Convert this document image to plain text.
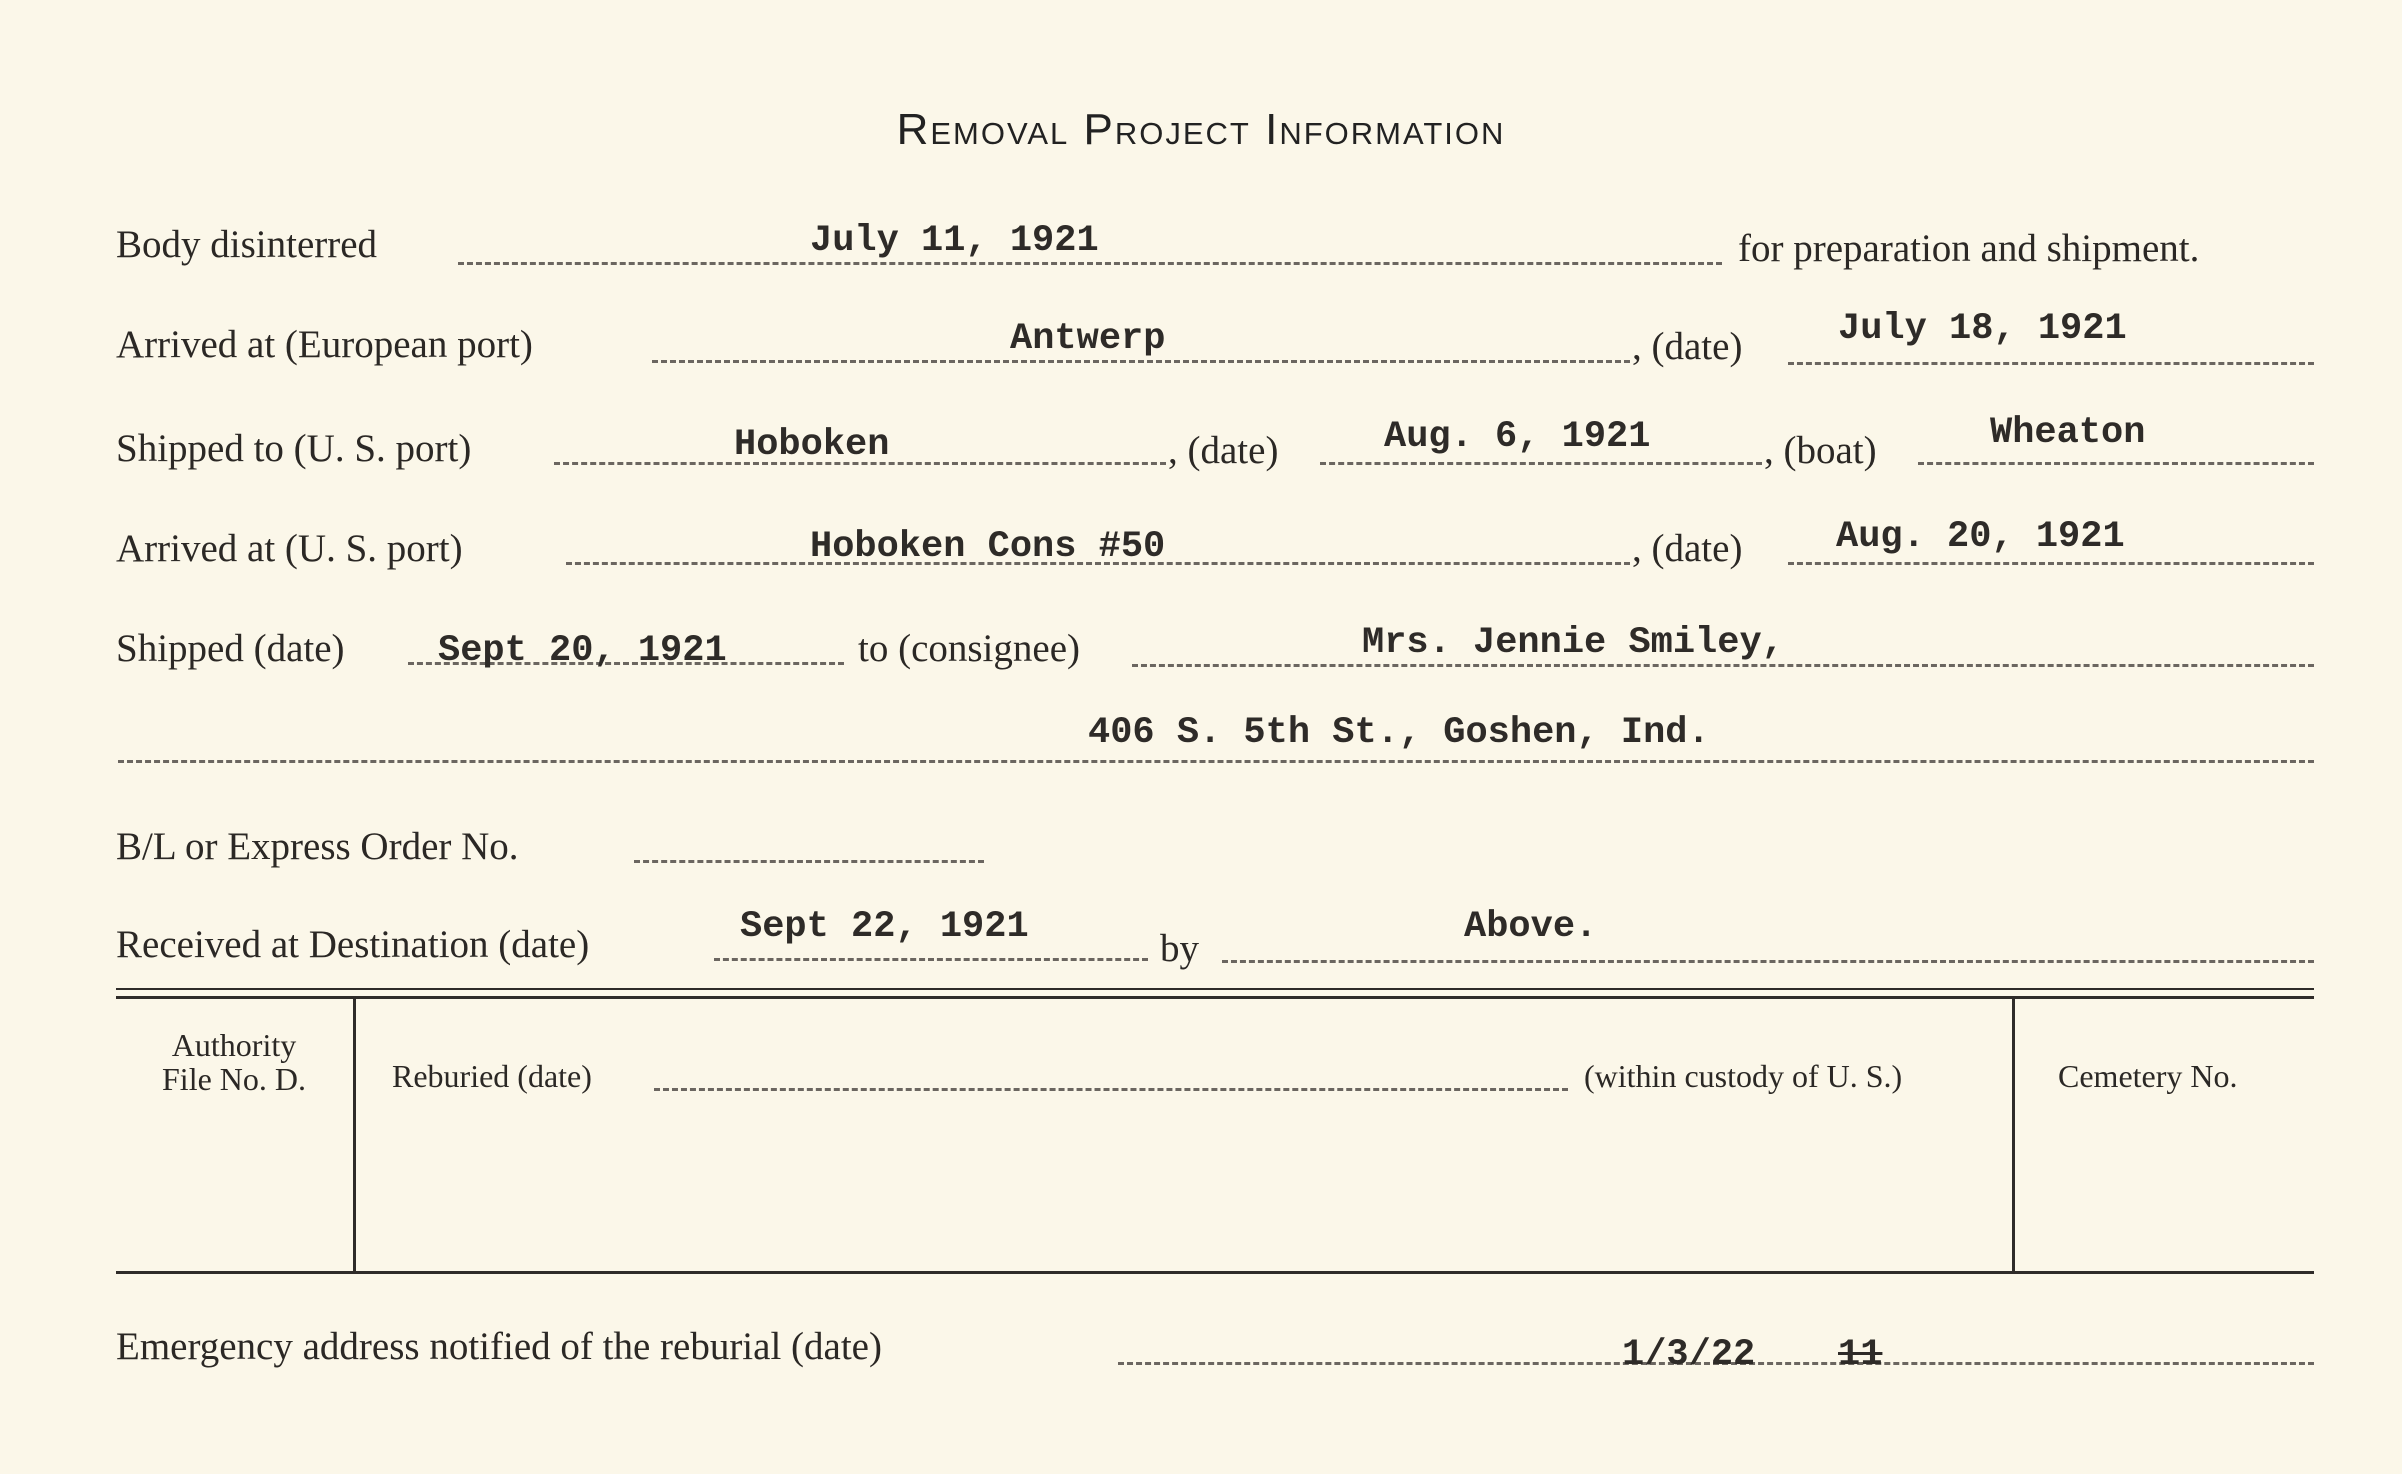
Removal Project Information
Body disinterred	July 11, 1921	for preparation and shipment.
Arrived at (European port)	Antwerp	, (date)	July 18, 1921
Shipped to (U. S. port)	Hoboken	, (date)	Aug. 6, 1921	, (boat)	Wheaton
Arrived at (U. S. port)	Hoboken Cons #50	, (date)	Aug. 20, 1921
Shipped (date)	Sept 20, 1921	to (consignee)	Mrs. Jennie Smiley,
406 S. 5th St., Goshen, Ind.
B/L or Express Order No.
Received at Destination (date)	Sept 22, 1921	by	Above.
Authority
File No. D.	Reburied (date)	(within custody of U. S.)	Cemetery No.
Emergency address notified of the reburial (date)	1/3/22 11
